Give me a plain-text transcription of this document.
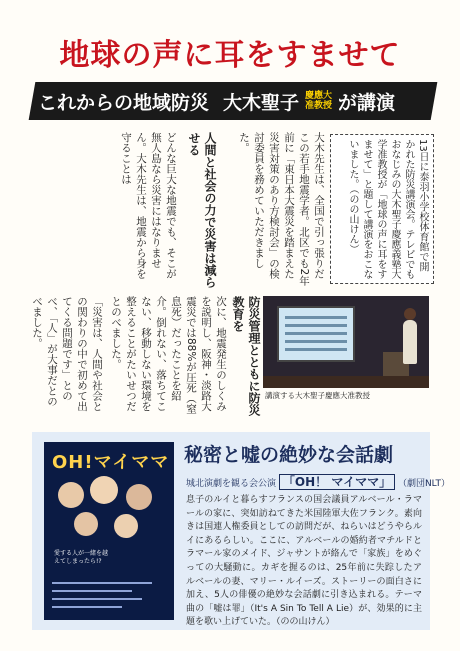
地球の声に耳をすませて
これからの地域防災 大木聖子 慶應大
准教授 が講演
13日に泰羽小学校体育館で開かれた防災講演会。テレビでもおなじみの大木聖子慶應義塾大学准教授が「地球の声に耳をすませて」と題して講演をおこないました。（のの山けん）
大木先生は、全国で引っ張りだこの若手地震学者。北区でも2年前に「東日本大震災を踏まえた災害対策のあり方検討会」の検討委員を務めていただきました。
人間と社会の力で災害は減らせる
どんな巨大な地震でも、そこが無人島なら災害にはなりません。大木先生は、地震から身を守ることは
「災害は、人間や社会との関わりの中で初めて出てくる問題です」とのべ、「人」が大事だとのべました。	次に、地震発生のしくみを説明し、阪神・淡路大震災では88%が圧死（窒息死）だったことを紹介。倒れない、落ちてこない、移動しない環境を整えることがたいせつだとのべました。	防災管理とともに防災教育を
講演する大木聖子慶應大准教授
OH!マイママ
愛する人が一緒を越えてしまったら!?
秘密と嘘の絶妙な会話劇
城北演劇を観る会公演 「OH！ マイママ」 （劇団NLT）
息子のルイと暮らすフランスの国会議員アルベール・ラマールの家に、突如訪ねてきた米国陸軍大佐フランク。素向きは国連人権委員としての訪問だが、ねらいはどうやらルイにあるらしい。ここに、アルベールの婚約者マチルドとラマール家のメイド、ジャサントが絡んで「家族」をめぐっての大騒動に。カギを握るのは、25年前に失踪したアルベールの妻、マリー・ルイーズ。ストーリーの面白さに加え、5人の俳優の絶妙な会話劇に引き込まれる。テーマ曲の「嘘は罪」（It's A Sin To Tell A Lie）が、効果的に主題を歌い上げていた。（のの山けん）
